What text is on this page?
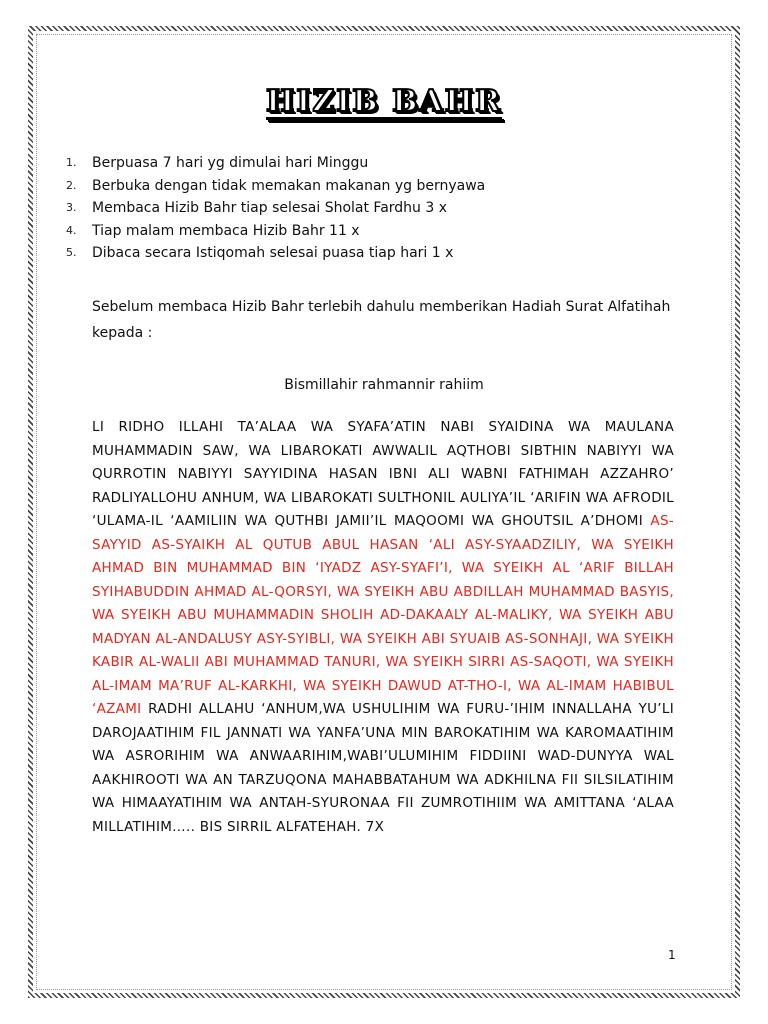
HIZIB BAHR
1.	Berpuasa 7 hari yg dimulai hari Minggu
2.	Berbuka dengan tidak memakan makanan yg bernyawa
3.	Membaca Hizib Bahr tiap selesai Sholat Fardhu 3 x
4.	Tiap malam membaca Hizib Bahr 11 x
5.	Dibaca secara Istiqomah selesai puasa tiap hari 1 x

Sebelum membaca Hizib Bahr terlebih dahulu memberikan Hadiah Surat Alfatihah kepada :

Bismillahir rahmannir rahiim

LI RIDHO ILLAHI TA’ALAA WA SYAFA’ATIN NABI SYAIDINA WA MAULANA MUHAMMADIN SAW, WA LIBAROKATI AWWALIL AQTHOBI SIBTHIN NABIYYI WA QURROTIN NABIYYI SAYYIDINA HASAN IBNI ALI WABNI FATHIMAH AZZAHRO’ RADLIYALLOHU ANHUM, WA LIBAROKATI SULTHONIL AULIYA’IL ‘ARIFIN WA AFRODIL ‘ULAMA-IL ‘AAMILIIN WA QUTHBI JAMII’IL MAQOOMI WA GHOUTSIL A’DHOMI AS-SAYYID AS-SYAIKH AL QUTUB ABUL HASAN ‘ALI ASY-SYAADZILIY, WA SYEIKH AHMAD BIN MUHAMMAD BIN ‘IYADZ ASY-SYAFI’I, WA SYEIKH AL ‘ARIF BILLAH SYIHABUDDIN AHMAD AL-QORSYI, WA SYEIKH ABU ABDILLAH MUHAMMAD BASYIS, WA SYEIKH ABU MUHAMMADIN SHOLIH AD-DAKAALY AL-MALIKY, WA SYEIKH ABU MADYAN AL-ANDALUSY ASY-SYIBLI, WA SYEIKH ABI SYUAIB AS-SONHAJI, WA SYEIKH KABIR AL-WALII ABI MUHAMMAD TANURI, WA SYEIKH SIRRI AS-SAQOTI, WA SYEIKH AL-IMAM MA’RUF AL-KARKHI, WA SYEIKH DAWUD AT-THO-I, WA AL-IMAM HABIBUL ‘AZAMI RADHI ALLAHU ‘ANHUM,WA USHULIHIM WA FURU-’IHIM INNALLAHA YU’LI DAROJAATIHIM FIL JANNATI WA YANFA’UNA MIN BAROKATIHIM WA KAROMAATIHIM WA ASRORIHIM WA ANWAARIHIM,WABI’ULUMIHIM FIDDIINI WAD-DUNYYA WAL AAKHIROOTI WA AN TARZUQONA MAHABBATAHUM WA ADKHILNA FII SILSILATIHIM WA HIMAAYATIHIM WA ANTAH-SYURONAA FII ZUMROTIHIIM WA AMITTANA ‘ALAA MILLATIHIM….. BIS SIRRIL ALFATEHAH. 7X

1
